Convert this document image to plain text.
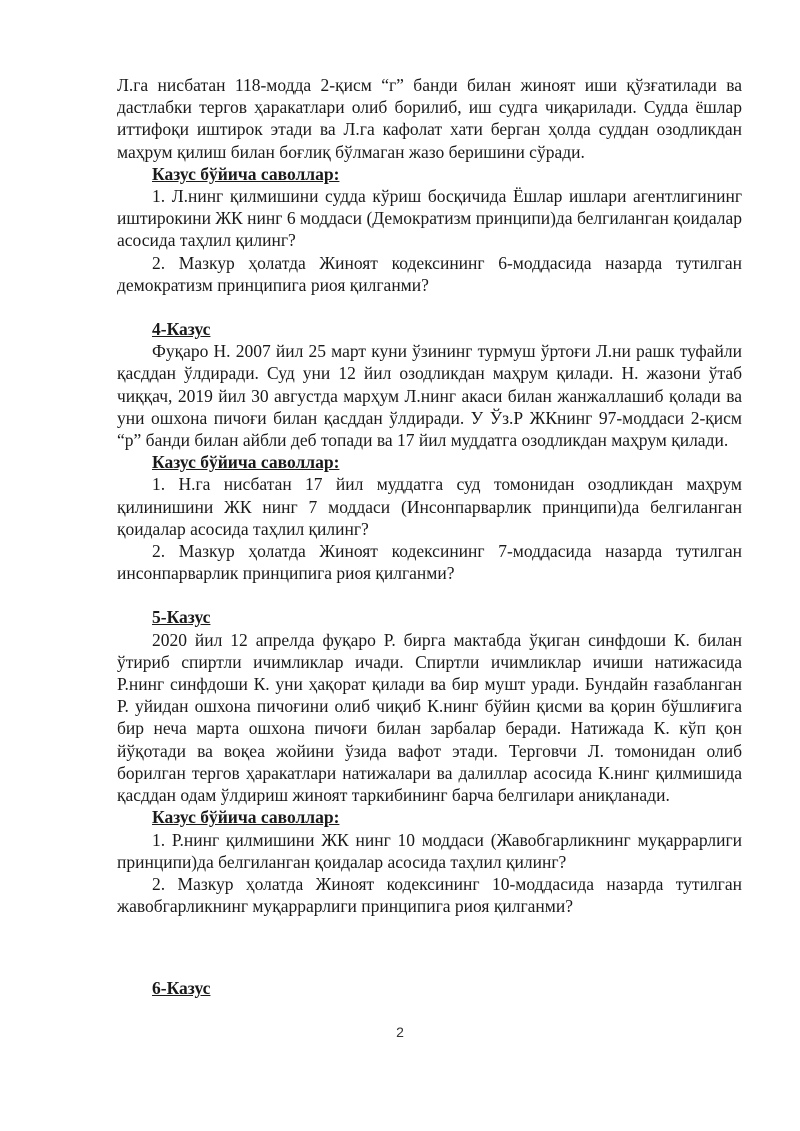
Л.га нисбатан 118-модда 2-қисм “г” банди билан жиноят иши қўзғатилади ва дастлабки тергов ҳаракатлари олиб борилиб, иш судга чиқарилади. Судда ёшлар иттифоқи иштирок этади ва Л.га кафолат хати берган ҳолда суддан озодликдан маҳрум қилиш билан боғлиқ бўлмаган жазо беришини сўради.

Казус бўйича саволлар:

1. Л.нинг қилмишини судда кўриш босқичида Ёшлар ишлари агентлигининг иштирокини ЖК нинг 6 моддаси (Демократизм принципи)да белгиланган қоидалар асосида таҳлил қилинг?

2. Мазкур ҳолатда Жиноят кодексининг 6-моддасида назарда тутилган демократизм принципига риоя қилганми?

4-Казус

Фуқаро Н. 2007 йил 25 март куни ўзининг турмуш ўртоғи Л.ни рашк туфайли қасддан ўлдиради. Суд уни 12 йил озодликдан маҳрум қилади. Н. жазони ўтаб чиққач, 2019 йил 30 августда марҳум Л.нинг акаси билан жанжаллашиб қолади ва уни ошхона пичоғи билан қасддан ўлдиради. У Ўз.Р ЖКнинг 97-моддаси 2-қисм “р” банди билан айбли деб топади ва 17 йил муддатга озодликдан маҳрум қилади.

Казус бўйича саволлар:

1. Н.га нисбатан 17 йил муддатга суд томонидан озодликдан маҳрум қилинишини ЖК нинг 7 моддаси (Инсонпарварлик принципи)да белгиланган қоидалар асосида таҳлил қилинг?

2. Мазкур ҳолатда Жиноят кодексининг 7-моддасида назарда тутилган инсонпарварлик принципига риоя қилганми?

5-Казус

2020 йил 12 апрелда фуқаро Р. бирга мактабда ўқиган синфдоши К. билан ўтириб спиртли ичимликлар ичади. Спиртли ичимликлар ичиши натижасида Р.нинг синфдоши К. уни ҳақорат қилади ва бир мушт уради. Бундайн ғазабланган Р. уйидан ошхона пичоғини олиб чиқиб К.нинг бўйин қисми ва қорин бўшлиғига бир неча марта ошхона пичоғи билан зарбалар беради. Натижада К. кўп қон йўқотади ва воқеа жойини ўзида вафот этади. Терговчи Л. томонидан олиб борилган тергов ҳаракатлари натижалари ва далиллар асосида К.нинг қилмишида қасддан одам ўлдириш жиноят таркибининг барча белгилари аниқланади.

Казус бўйича саволлар:

1. Р.нинг қилмишини ЖК нинг 10 моддаси (Жавобгарликнинг муқаррарлиги принципи)да белгиланган қоидалар асосида таҳлил қилинг?

2. Мазкур ҳолатда Жиноят кодексининг 10-моддасида назарда тутилган жавобгарликнинг муқаррарлиги принципига риоя қилганми?

6-Казус

2
